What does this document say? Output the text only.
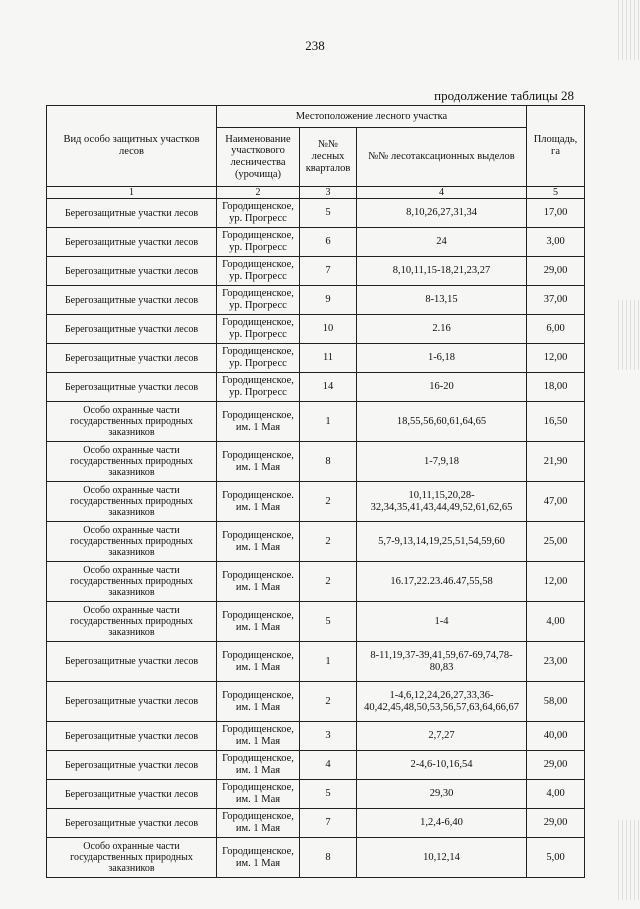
238
продолжение таблицы 28
Вид особо защитных участков лесов	Местоположение лесного участка			Площадь, га
	Наименование участкового лесничества (урочища)	№№ лесных кварталов	№№ лесотаксационных выделов	
1	2	3	4	5
Берегозащитные участки лесов	Городищенское, ур. Прогресс	5	8,10,26,27,31,34	17,00
Берегозащитные участки лесов	Городищенское, ур. Прогресс	6	24	3,00
Берегозащитные участки лесов	Городищенское, ур. Прогресс	7	8,10,11,15-18,21,23,27	29,00
Берегозащитные участки лесов	Городищенское, ур. Прогресс	9	8-13,15	37,00
Берегозащитные участки лесов	Городищенское, ур. Прогресс	10	2.16	6,00
Берегозащитные участки лесов	Городищенское, ур. Прогресс	11	1-6,18	12,00
Берегозащитные участки лесов	Городищенское, ур. Прогресс	14	16-20	18,00
Особо охранные части государственных природных заказников	Городищенское, им. 1 Мая	1	18,55,56,60,61,64,65	16,50
Особо охранные части государственных природных заказников	Городищенское, им. 1 Мая	8	1-7,9,18	21,90
Особо охранные части государственных природных заказников	Городищенское. им. 1 Мая	2	10,11,15,20,28-32,34,35,41,43,44,49,52,61,62,65	47,00
Особо охранные части государственных природных заказников	Городищенское, им. 1 Мая	2	5,7-9,13,14,19,25,51,54,59,60	25,00
Особо охранные части государственных природных заказников	Городищенское. им. 1 Мая	2	16.17,22.23.46.47,55,58	12,00
Особо охранные части государственных природных заказников	Городищенское, им. 1 Мая	5	1-4	4,00
Берегозащитные участки лесов	Городищенское, им. 1 Мая	1	8-11,19,37-39,41,59,67-69,74,78-80,83	23,00
Берегозащитные участки лесов	Городищенское, им. 1 Мая	2	1-4,6,12,24,26,27,33,36-40,42,45,48,50,53,56,57,63,64,66,67	58,00
Берегозащитные участки лесов	Городищенское, им. 1 Мая	3	2,7,27	40,00
Берегозащитные участки лесов	Городищенское, им. 1 Мая	4	2-4,6-10,16,54	29,00
Берегозащитные участки лесов	Городищенское, им. 1 Мая	5	29,30	4,00
Берегозащитные участки лесов	Городищенское, им. 1 Мая	7	1,2,4-6,40	29,00
Особо охранные части государственных природных заказников	Городищенское, им. 1 Мая	8	10,12,14	5,00
